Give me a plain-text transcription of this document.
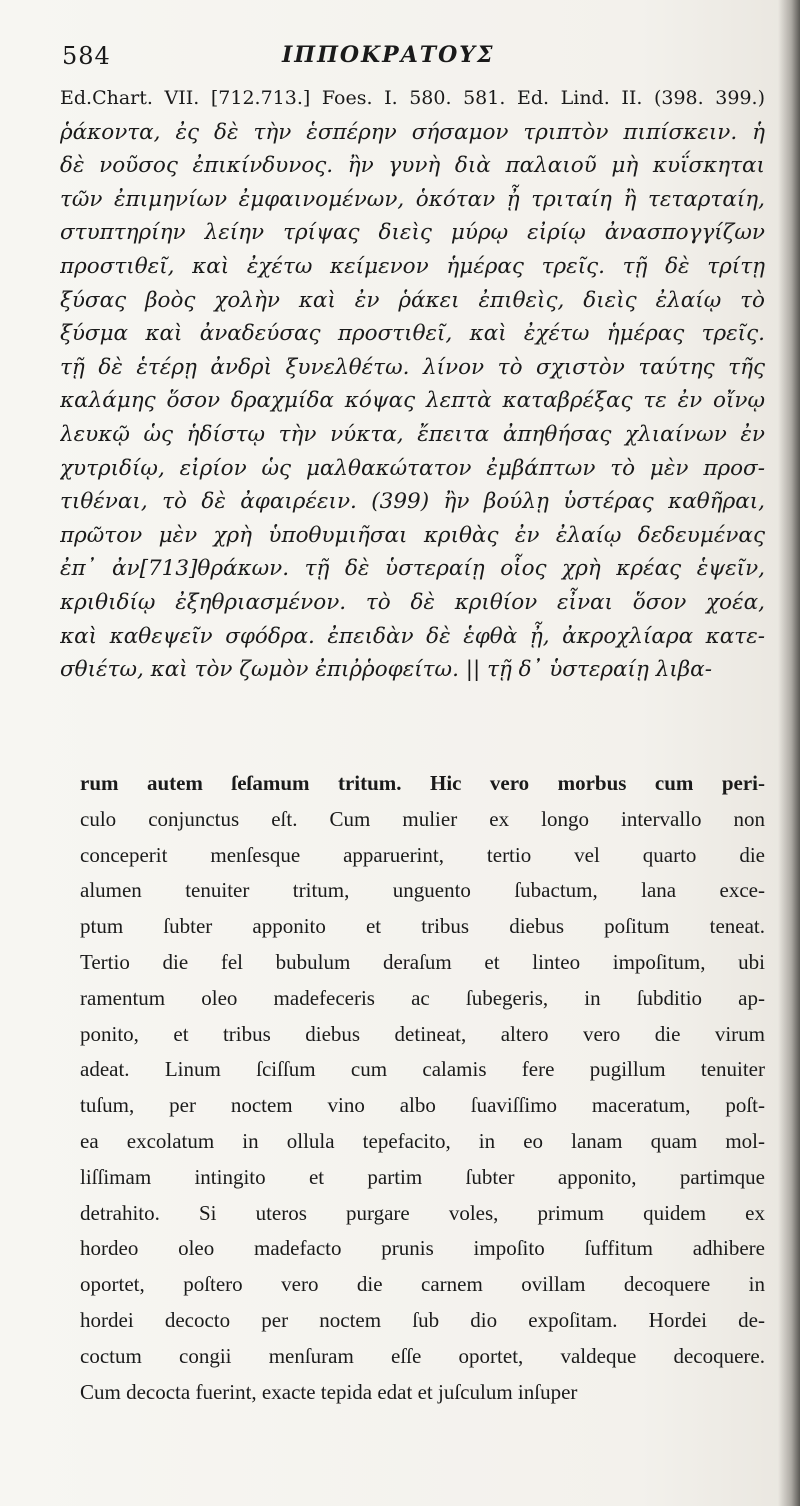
584	ΙΠΠΟΚΡΑΤΟΥΣ
Ed.Chart. VII. [712.713.] Foes. I. 580. 581. Ed. Lind. II. (398. 399.)
ῥάκοντα, ἐς δὲ τὴν ἑσπέρην σήσαμον τριπτὸν πιπίσκειν. ἡ
δὲ νοῦσος ἐπικίνδυνος. ἢν γυνὴ διὰ παλαιοῦ μὴ κυΐσκηται
τῶν ἐπιμηνίων ἐμφαινομένων, ὁκόταν ᾖ τριταίη ἢ τεταρταίη,
στυπτηρίην λείην τρίψας διεὶς μύρῳ εἰρίῳ ἀνασπογγίζων
προστιθεῖ, καὶ ἐχέτω κείμενον ἡμέρας τρεῖς. τῇ δὲ τρίτῃ
ξύσας βοὸς χολὴν καὶ ἐν ῥάκει ἐπιθεὶς, διεὶς ἐλαίῳ τὸ
ξύσμα καὶ ἀναδεύσας προστιθεῖ, καὶ ἐχέτω ἡμέρας τρεῖς.
τῇ δὲ ἑτέρῃ ἀνδρὶ ξυνελθέτω. λίνον τὸ σχιστὸν ταύτης τῆς
καλάμης ὅσον δραχμίδα κόψας λεπτὰ καταβρέξας τε ἐν οἴνῳ
λευκῷ ὡς ἡδίστῳ τὴν νύκτα, ἔπειτα ἀπηθήσας χλιαίνων ἐν
χυτριδίῳ, εἰρίον ὡς μαλθακώτατον ἐμβάπτων τὸ μὲν προσ-
τιθέναι, τὸ δὲ ἀφαιρέειν. (399) ἢν βούλῃ ὑστέρας καθῆραι,
πρῶτον μὲν χρὴ ὑποθυμιῆσαι κριθὰς ἐν ἐλαίῳ δεδευμένας
ἐπ᾽ ἀν[713]θράκων. τῇ δὲ ὑστεραίῃ οἷος χρὴ κρέας ἑψεῖν,
κριθιδίῳ ἐξηθριασμένον. τὸ δὲ κριθίον εἶναι ὅσον χοέα,
καὶ καθεψεῖν σφόδρα. ἐπειδὰν δὲ ἑφθὰ ᾖ, ἀκροχλίαρα κατε-
σθιέτω, καὶ τὸν ζωμὸν ἐπιῤῥοφείτω. || τῇ δ᾽ ὑστεραίῃ λιβα-
rum autem ſeſamum tritum. Hic vero morbus cum peri-
culo conjunctus eſt. Cum mulier ex longo intervallo non
conceperit menſesque apparuerint, tertio vel quarto die
alumen tenuiter tritum, unguento ſubactum, lana exce-
ptum ſubter apponito et tribus diebus poſitum teneat.
Tertio die fel bubulum deraſum et linteo impoſitum, ubi
ramentum oleo madefeceris ac ſubegeris, in ſubditio ap-
ponito, et tribus diebus detineat, altero vero die virum
adeat. Linum ſciſſum cum calamis fere pugillum tenuiter
tuſum, per noctem vino albo ſuaviſſimo maceratum, poſt-
ea excolatum in ollula tepefacito, in eo lanam quam mol-
liſſimam intingito et partim ſubter apponito, partimque
detrahito. Si uteros purgare voles, primum quidem ex
hordeo oleo madefacto prunis impoſito ſuffitum adhibere
oportet, poſtero vero die carnem ovillam decoquere in
hordei decocto per noctem ſub dio expoſitam. Hordei de-
coctum congii menſuram eſſe oportet, valdeque decoquere.
Cum decocta fuerint, exacte tepida edat et juſculum inſuper
